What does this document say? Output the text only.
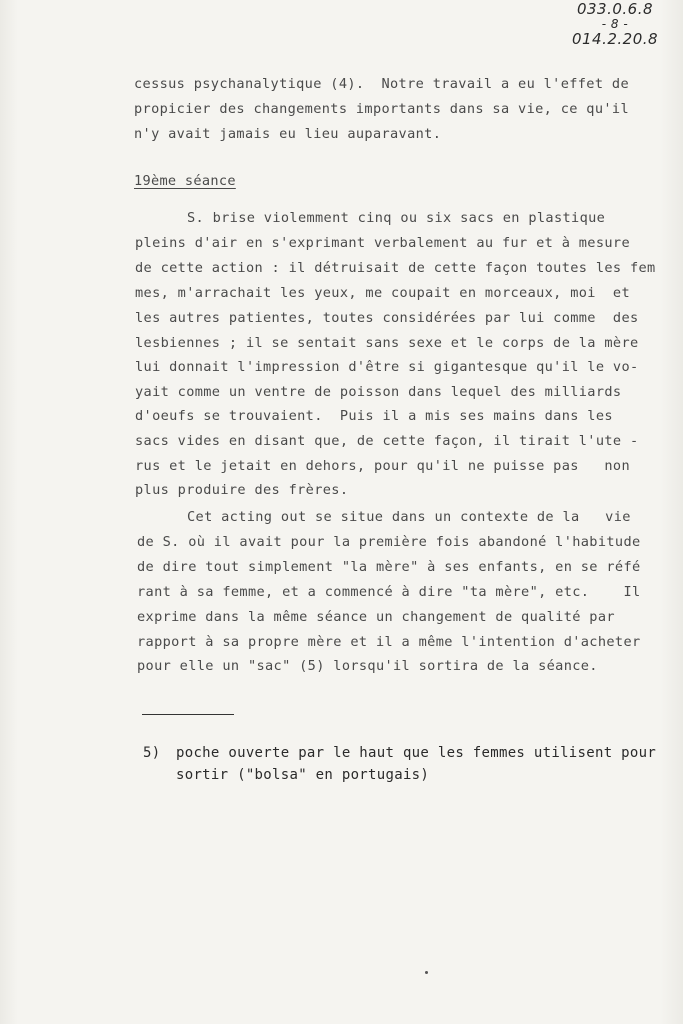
033.0.6.8
- 8 -
014.2.20.8
cessus psychanalytique (4).  Notre travail a eu l'effet de
propicier des changements importants dans sa vie, ce qu'il
n'y avait jamais eu lieu auparavant.
19ème séance
S. brise violemment cinq ou six sacs en plastique
pleins d'air en s'exprimant verbalement au fur et à mesure
de cette action : il détruisait de cette façon toutes les fem
mes, m'arrachait les yeux, me coupait en morceaux, moi  et
les autres patientes, toutes considérées par lui comme  des
lesbiennes ; il se sentait sans sexe et le corps de la mère
lui donnait l'impression d'être si gigantesque qu'il le vo-
yait comme un ventre de poisson dans lequel des milliards
d'oeufs se trouvaient.  Puis il a mis ses mains dans les
sacs vides en disant que, de cette façon, il tirait l'ute -
rus et le jetait en dehors, pour qu'il ne puisse pas   non
plus produire des frères.
Cet acting out se situe dans un contexte de la   vie
de S. où il avait pour la première fois abandoné l'habitude
de dire tout simplement "la mère" à ses enfants, en se réfé
rant à sa femme, et a commencé à dire "ta mère", etc.    Il
exprime dans la même séance un changement de qualité par
rapport à sa propre mère et il a même l'intention d'acheter
pour elle un "sac" (5) lorsqu'il sortira de la séance.
5) poche ouverte par le haut que les femmes utilisent pour
sortir ("bolsa" en portugais)
